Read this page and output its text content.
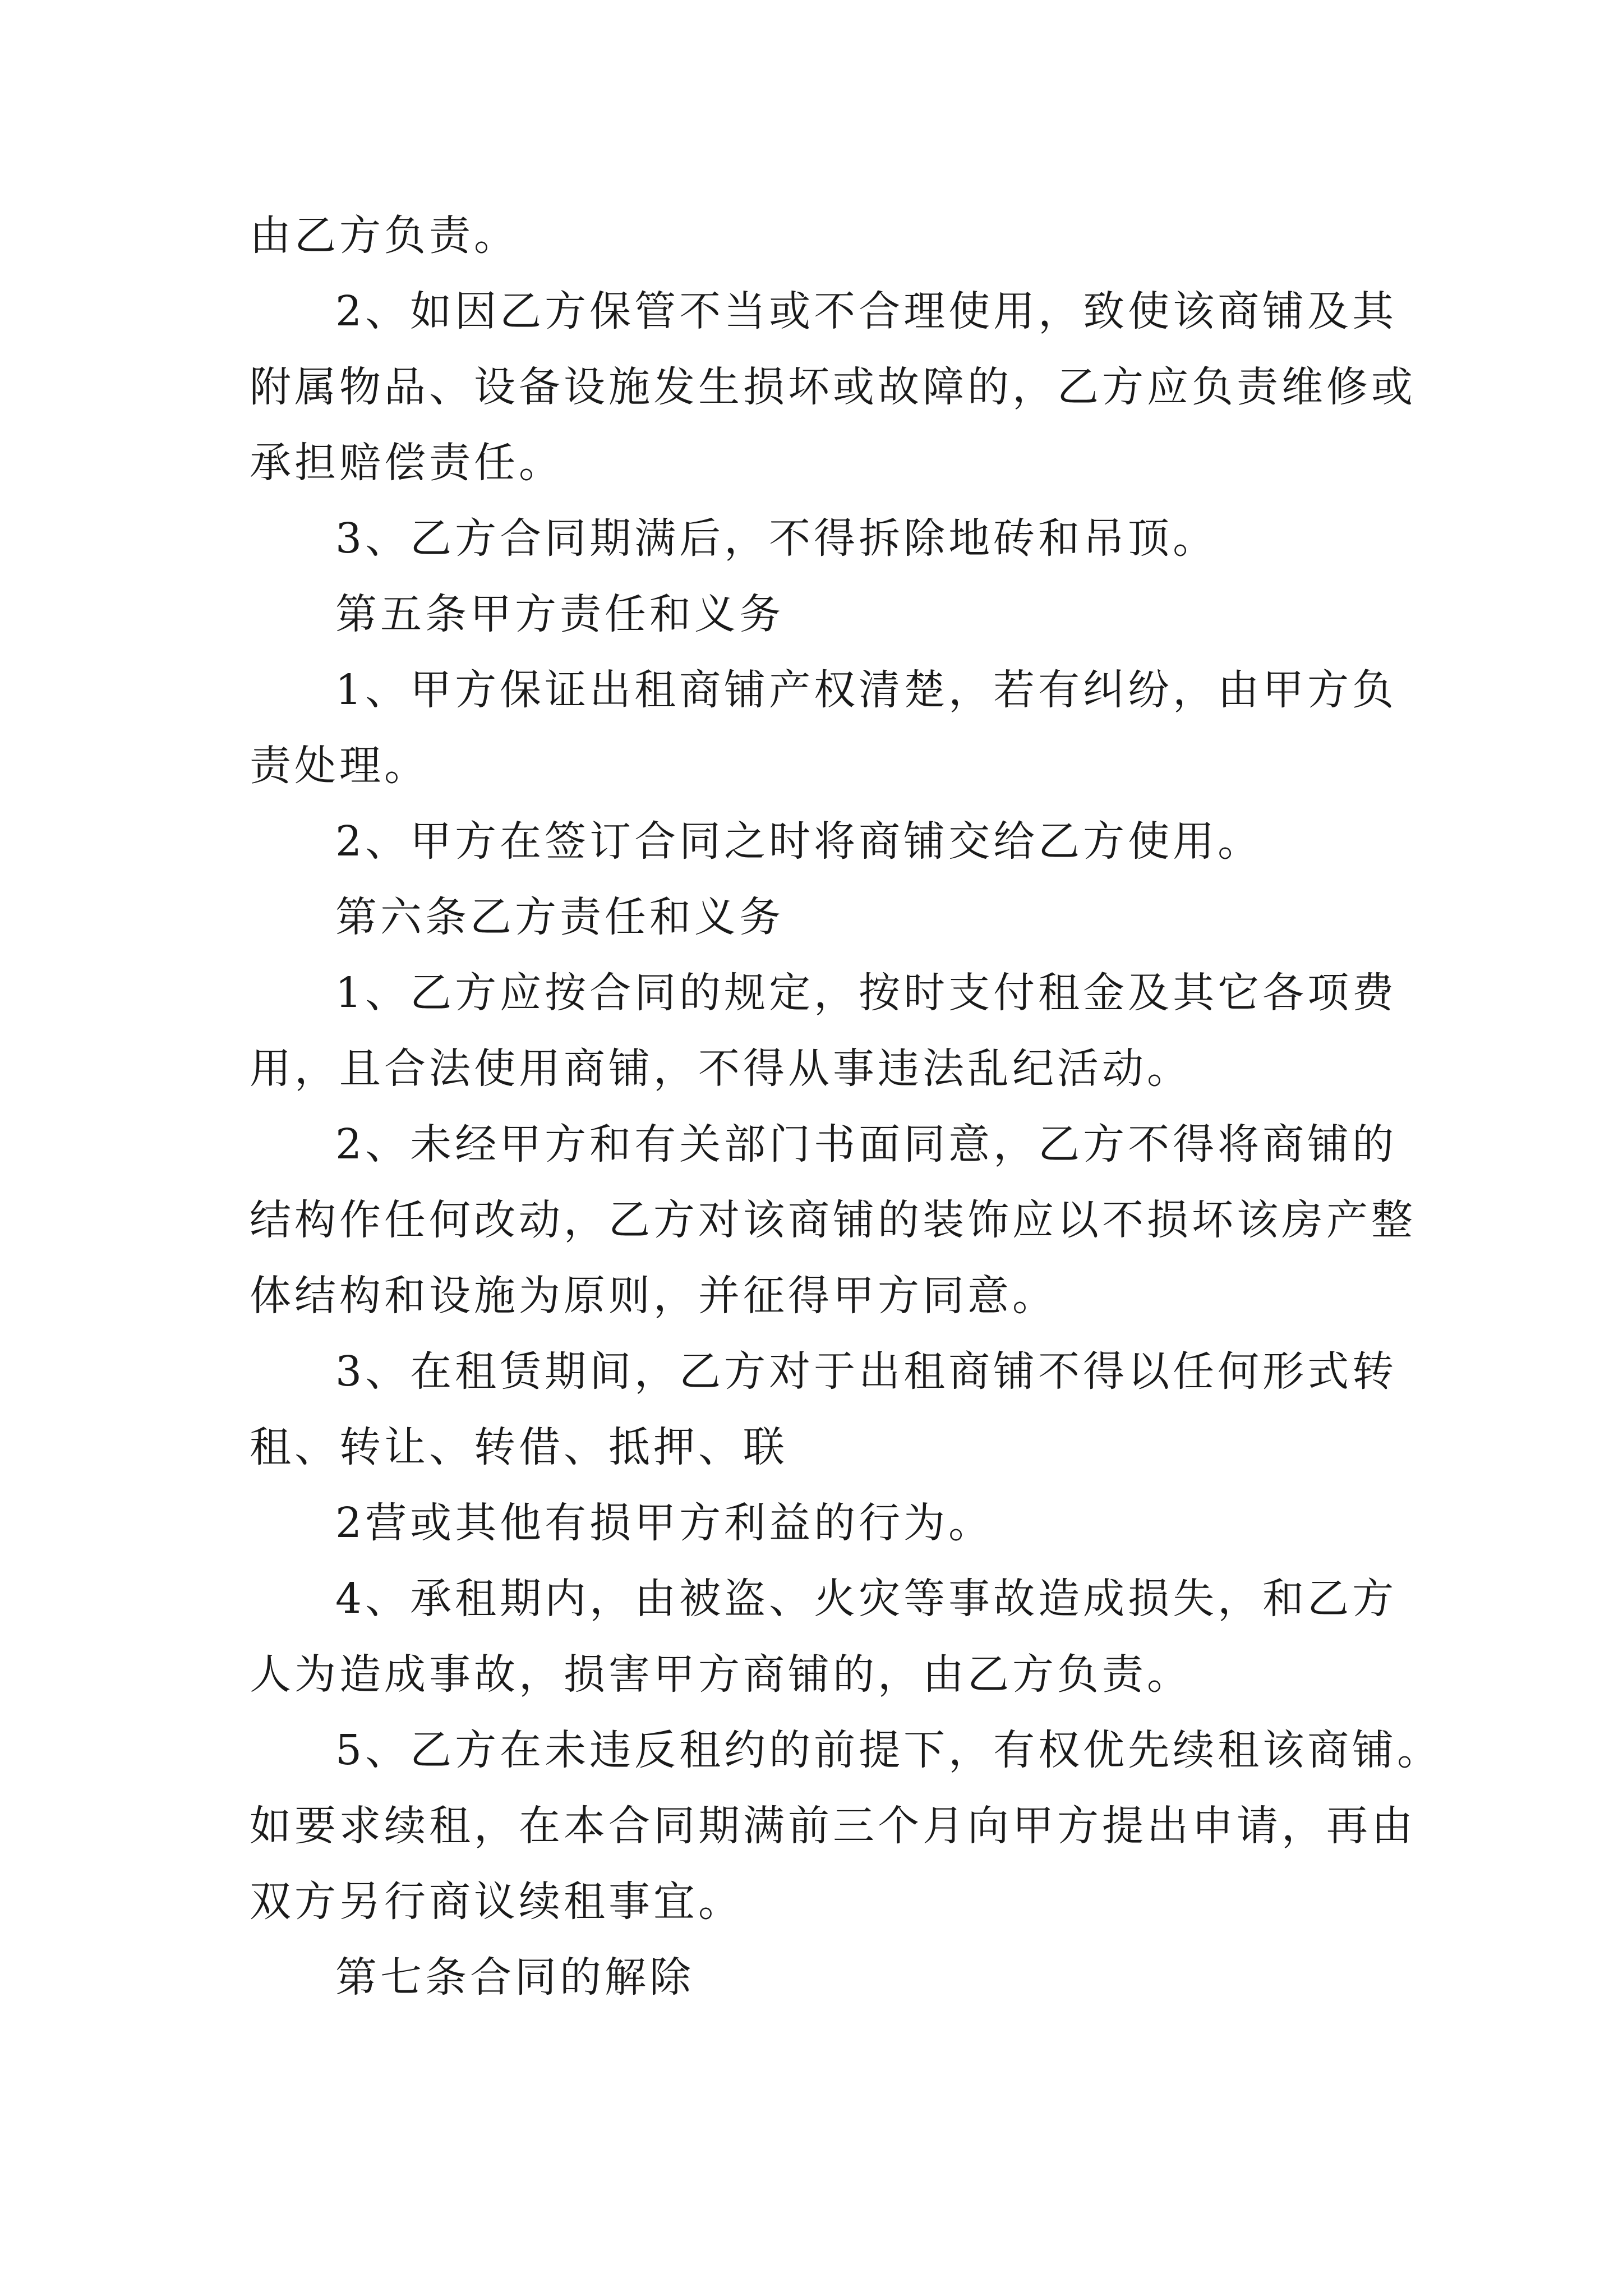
由乙方负责。
2、如因乙方保管不当或不合理使用，致使该商铺及其
附属物品、设备设施发生损坏或故障的，乙方应负责维修或
承担赔偿责任。
3、乙方合同期满后，不得拆除地砖和吊顶。
第五条甲方责任和义务
1、甲方保证出租商铺产权清楚，若有纠纷，由甲方负
责处理。
2、甲方在签订合同之时将商铺交给乙方使用。
第六条乙方责任和义务
1、乙方应按合同的规定，按时支付租金及其它各项费
用，且合法使用商铺，不得从事违法乱纪活动。
2、未经甲方和有关部门书面同意，乙方不得将商铺的
结构作任何改动，乙方对该商铺的装饰应以不损坏该房产整
体结构和设施为原则，并征得甲方同意。
3、在租赁期间，乙方对于出租商铺不得以任何形式转
租、转让、转借、抵押、联
2营或其他有损甲方利益的行为。
4、承租期内，由被盗、火灾等事故造成损失，和乙方
人为造成事故，损害甲方商铺的，由乙方负责。
5、乙方在未违反租约的前提下，有权优先续租该商铺。
如要求续租，在本合同期满前三个月向甲方提出申请，再由
双方另行商议续租事宜。
第七条合同的解除
